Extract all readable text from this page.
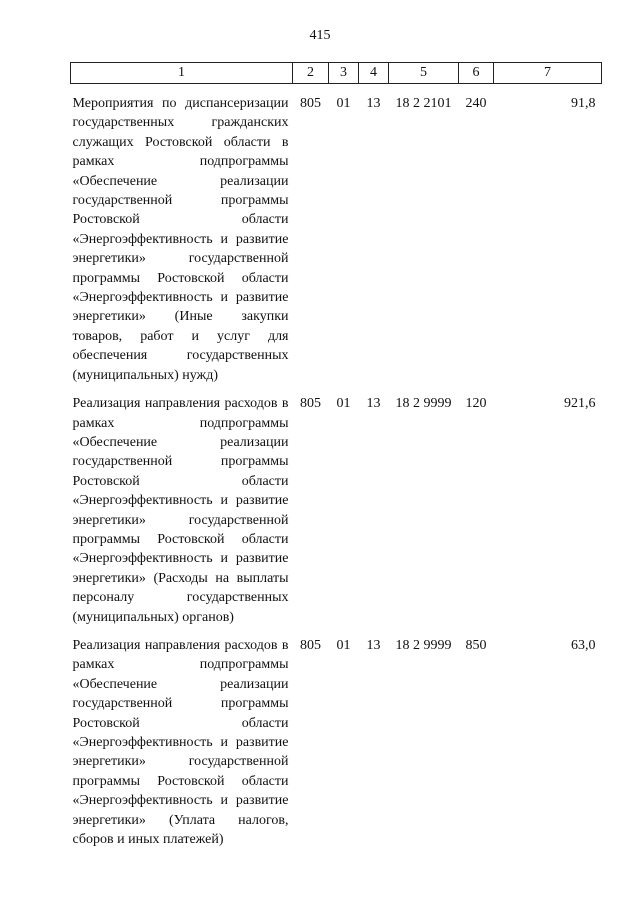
415
1	2	3	4	5	6	7
Мероприятия по диспансеризации государственных гражданских служащих Ростовской области в рамках подпрограммы «Обеспечение реализации государственной программы Ростовской области «Энергоэффективность и развитие энергетики» государственной программы Ростовской области «Энергоэффективность и развитие энергетики» (Иные закупки товаров, работ и услуг для обеспечения государственных (муниципальных) нужд)	805	01	13	18 2 2101	240	91,8
Реализация направления расходов в рамках подпрограммы «Обеспечение реализации государственной программы Ростовской области «Энергоэффективность и развитие энергетики» государственной программы Ростовской области «Энергоэффективность и развитие энергетики» (Расходы на выплаты персоналу государственных (муниципальных) органов)	805	01	13	18 2 9999	120	921,6
Реализация направления расходов в рамках подпрограммы «Обеспечение реализации государственной программы Ростовской области «Энергоэффективность и развитие энергетики» государственной программы Ростовской области «Энергоэффективность и развитие энергетики» (Уплата налогов, сборов и иных платежей)	805	01	13	18 2 9999	850	63,0
